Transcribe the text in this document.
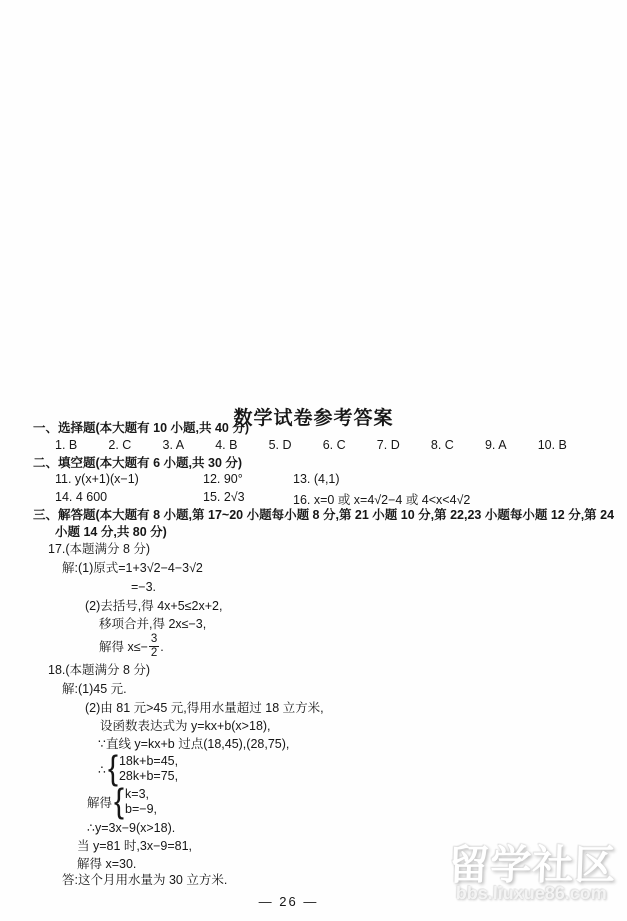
数学试卷参考答案
一、选择题(本大题有 10 小题,共 40 分)
1. B 2. C 3. A 4. B 5. D 6. C 7. D 8. C 9. A 10. B
二、填空题(本大题有 6 小题,共 30 分)
11. y(x+1)(x−1)	12. 90°	13. (4,1)
14. 4 600	15. 2√3	16. x=0 或 x=4√2−4 或 4<x<4√2
三、解答题(本大题有 8 小题,第 17~20 小题每小题 8 分,第 21 小题 10 分,第 22,23 小题每小题 12 分,第 24
小题 14 分,共 80 分)
17.(本题满分 8 分)
解:(1)原式=1+3√2−4−3√2
=−3.
(2)去括号,得 4x+5≤2x+2,
移项合并,得 2x≤−3,
解得 $x\le- \frac{3}{2}$ .
18.(本题满分 8 分)
解:(1)45 元.
(2)由 81 元>45 元,得用水量超过 18 立方米,
设函数表达式为 y=kx+b(x>18),
∵直线 y=kx+b 过点(18,45),(28,75),
∴ { 18k+b=45,
28k+b=75,
解得 { k=3,
b=−9,
∴y=3x−9(x>18).
当 y=81 时,3x−9=81,
解得 x=30.
答:这个月用水量为 30 立方米.
— 26 —
留学社区
bbs.liuxue86.com
